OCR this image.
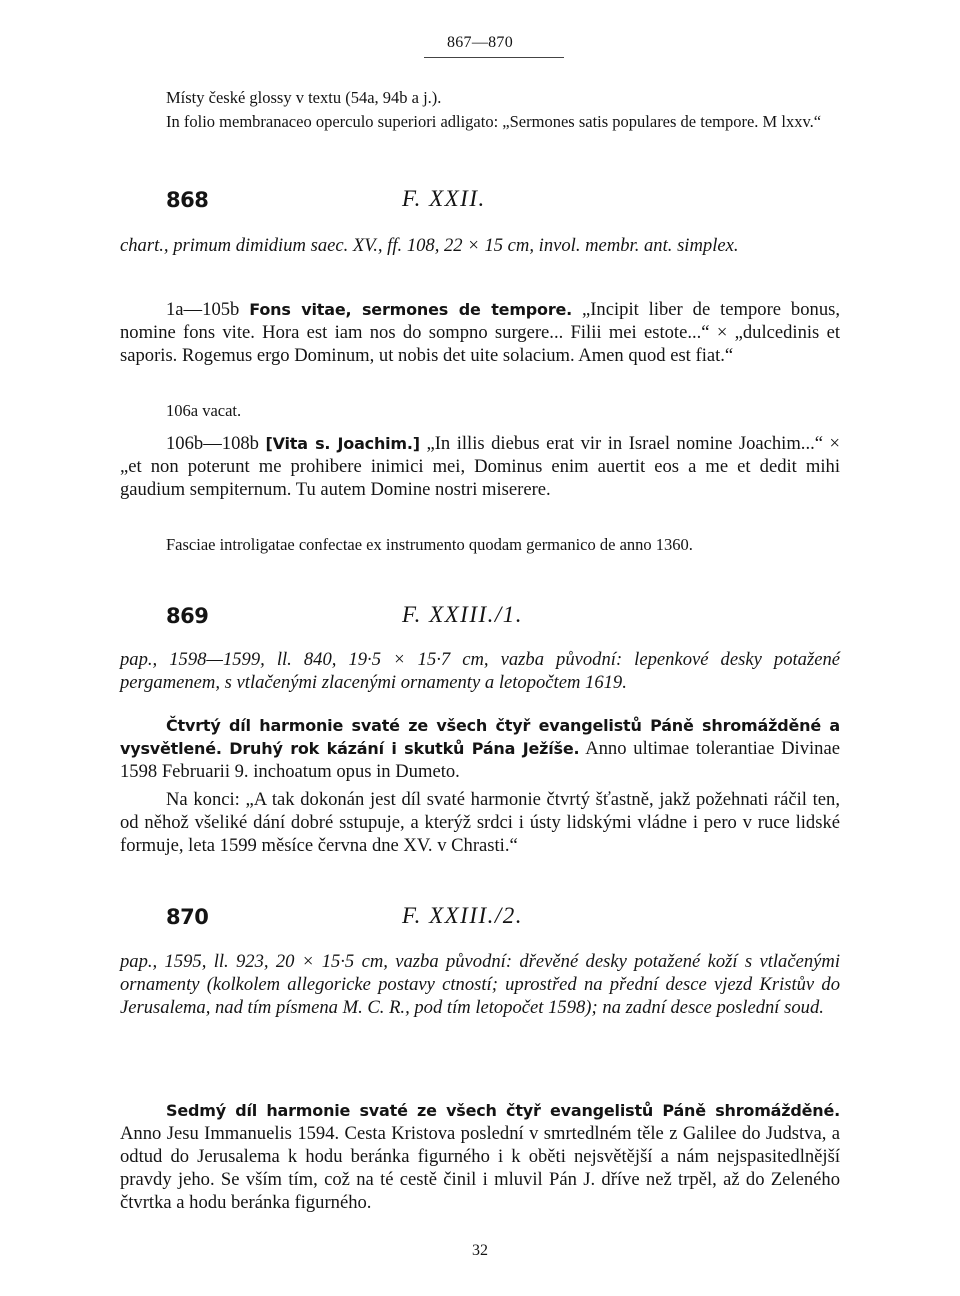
867—870

Místy české glossy v textu (54a, 94b a j.).

In folio membranaceo operculo superiori adligato: „Sermones satis populares de tempore. M lxxv.“

868	F. XXII.

chart., primum dimidium saec. XV., ff. 108, 22 × 15 cm, invol. membr. ant. simplex.

1a—105b Fons vitae, sermones de tempore. „Incipit liber de tempore bonus, nomine fons vite. Hora est iam nos do sompno surgere... Filii mei estote...“ × „dulcedinis et saporis. Rogemus ergo Dominum, ut nobis det uite solacium. Amen quod est fiat.“

106a vacat.

106b—108b [Vita s. Joachim.] „In illis diebus erat vir in Israel nomine Joachim...“ × „et non poterunt me prohibere inimici mei, Dominus enim auertit eos a me et dedit mihi gaudium sempiternum. Tu autem Domine nostri miserere.

Fasciae introligatae confectae ex instrumento quodam germanico de anno 1360.

869	F. XXIII./1.

pap., 1598—1599, ll. 840, 19·5 × 15·7 cm, vazba původní: lepenkové desky potažené pergamenem, s vtlačenými zlacenými ornamenty a letopočtem 1619.

Čtvrtý díl harmonie svaté ze všech čtyř evangelistů Páně shromážděné a vysvětlené. Druhý rok kázání i skutků Pána Ježíše. Anno ultimae tolerantiae Divinae 1598 Februarii 9. inchoatum opus in Dumeto.

Na konci: „A tak dokonán jest díl svaté harmonie čtvrtý šťastně, jakž požehnati ráčil ten, od něhož všeliké dání dobré sstupuje, a kterýž srdci i ústy lidskými vládne i pero v ruce lidské formuje, leta 1599 měsíce června dne XV. v Chrasti.“

870	F. XXIII./2.

pap., 1595, ll. 923, 20 × 15·5 cm, vazba původní: dřevěné desky potažené koží s vtlačenými ornamenty (kolkolem allegoricke postavy ctností; uprostřed na přední desce vjezd Kristův do Jerusalema, nad tím písmena M. C. R., pod tím letopočet 1598); na zadní desce poslední soud.

Sedmý díl harmonie svaté ze všech čtyř evangelistů Páně shromážděné. Anno Jesu Immanuelis 1594. Cesta Kristova poslední v smrtedlném těle z Galilee do Judstva, a odtud do Jerusalema k hodu beránka figurného i k oběti nejsvětější a nám nejspasitedlnější pravdy jeho. Se vším tím, což na té cestě činil i mluvil Pán J. dříve než trpěl, až do Zeleného čtvrtka a hodu beránka figurného.

32
